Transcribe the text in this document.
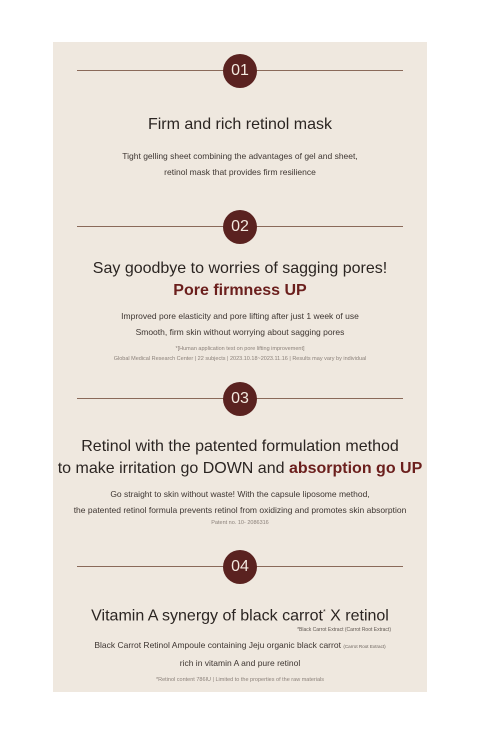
01

Firm and rich retinol mask

Tight gelling sheet combining the advantages of gel and sheet,

retinol mask that provides firm resilience

02

Say goodbye to worries of sagging pores!

Pore firmness UP

Improved pore elasticity and pore lifting after just 1 week of use

Smooth, firm skin without worrying about sagging pores

*[Human application test on pore lifting improvement]

Global Medical Research Center | 22 subjects | 2023.10.18~2023.11.16 | Results may vary by individual

03

Retinol with the patented formulation method

to make irritation go DOWN and absorption go UP

Go straight to skin without waste! With the capsule liposome method,

the patented retinol formula prevents retinol from oxidizing and promotes skin absorption

Patent no. 10- 2086316

04

Vitamin A synergy of black carrot* X retinol

*Black Carrot Extract (Carrot Root Extract)

Black Carrot Retinol Ampoule containing Jeju organic black carrot (Carrot Root Extract)

rich in vitamin A and pure retinol

*Retinol content 786IU | Limited to the properties of the raw materials
